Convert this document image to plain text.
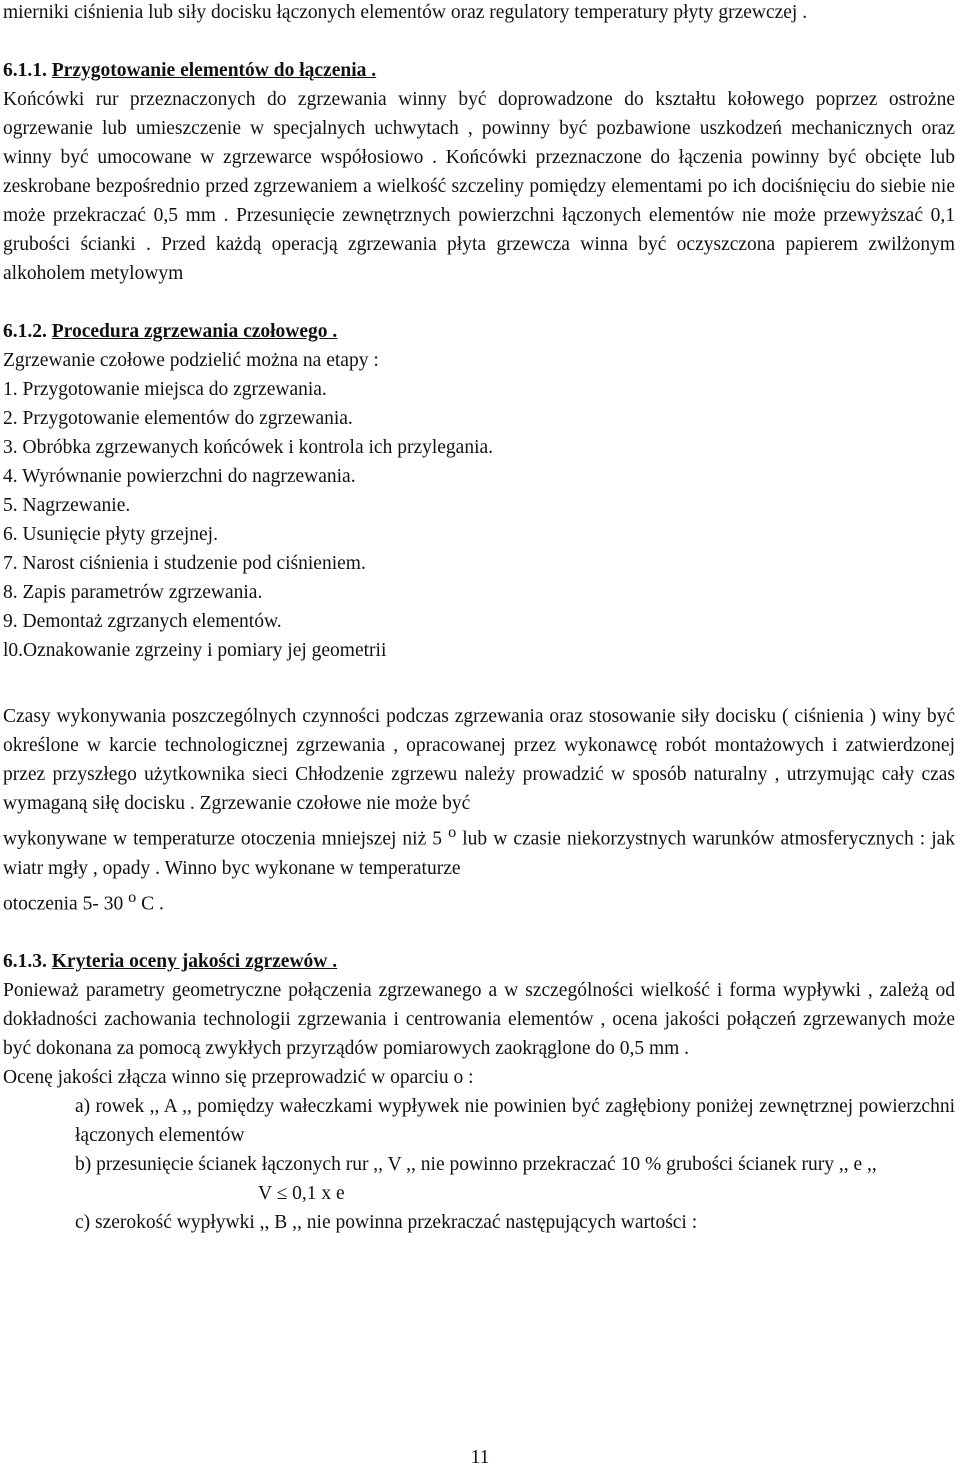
mierniki ciśnienia lub siły docisku łączonych elementów oraz regulatory temperatury płyty grzewczej .

6.1.1. Przygotowanie elementów do łączenia .

Końcówki rur przeznaczonych do zgrzewania winny być doprowadzone do kształtu kołowego poprzez ostrożne ogrzewanie lub umieszczenie w specjalnych uchwytach , powinny być pozbawione uszkodzeń mechanicznych oraz winny być umocowane w zgrzewarce współosiowo . Końcówki przeznaczone do łączenia powinny być obcięte lub zeskrobane bezpośrednio przed zgrzewaniem a wielkość szczeliny pomiędzy elementami po ich dociśnięciu do siebie nie może przekraczać 0,5 mm . Przesunięcie zewnętrznych powierzchni łączonych elementów nie może przewyższać 0,1 grubości ścianki . Przed każdą operacją zgrzewania płyta grzewcza winna być oczyszczona papierem zwilżonym alkoholem metylowym

6.1.2. Procedura zgrzewania czołowego .

Zgrzewanie czołowe podzielić można na etapy :

1. Przygotowanie miejsca do zgrzewania.

2. Przygotowanie elementów do zgrzewania.

3. Obróbka zgrzewanych końcówek i kontrola ich przylegania.

4. Wyrównanie powierzchni do nagrzewania.

5. Nagrzewanie.

6. Usunięcie płyty grzejnej.

7. Narost ciśnienia i studzenie pod ciśnieniem.

8. Zapis parametrów zgrzewania.

9. Demontaż zgrzanych elementów.

l0.Oznakowanie zgrzeiny i pomiary jej geometrii

Czasy wykonywania poszczególnych czynności podczas zgrzewania oraz stosowanie siły docisku ( ciśnienia ) winy być określone w karcie technologicznej zgrzewania , opracowanej przez wykonawcę robót montażowych i zatwierdzonej przez przyszłego użytkownika sieci Chłodzenie zgrzewu należy prowadzić w sposób naturalny , utrzymując cały czas wymaganą siłę docisku . Zgrzewanie czołowe nie może być

wykonywane w temperaturze otoczenia mniejszej niż 5 $^o$ lub w czasie niekorzystnych warunków atmosferycznych : jak wiatr mgły , opady . Winno byc wykonane w temperaturze

otoczenia 5- 30 $^o$ C .

6.1.3. Kryteria oceny jakości zgrzewów .

Ponieważ parametry geometryczne połączenia zgrzewanego a w szczególności wielkość i forma wypływki , zależą od dokładności zachowania technologii zgrzewania i centrowania elementów , ocena jakości połączeń zgrzewanych może być dokonana za pomocą zwykłych przyrządów pomiarowych zaokrąglone do 0,5 mm .

Ocenę jakości złącza winno się przeprowadzić w oparciu o :

a) rowek ,, A ,, pomiędzy wałeczkami wypływek nie powinien być zagłębiony poniżej zewnętrznej powierzchni łączonych elementów

b) przesunięcie ścianek łączonych rur ,, V ,, nie powinno przekraczać 10 % grubości ścianek rury ,, e ,,

V ≤ 0,1 x e

c) szerokość wypływki ,, B ,, nie powinna przekraczać następujących wartości :

11
